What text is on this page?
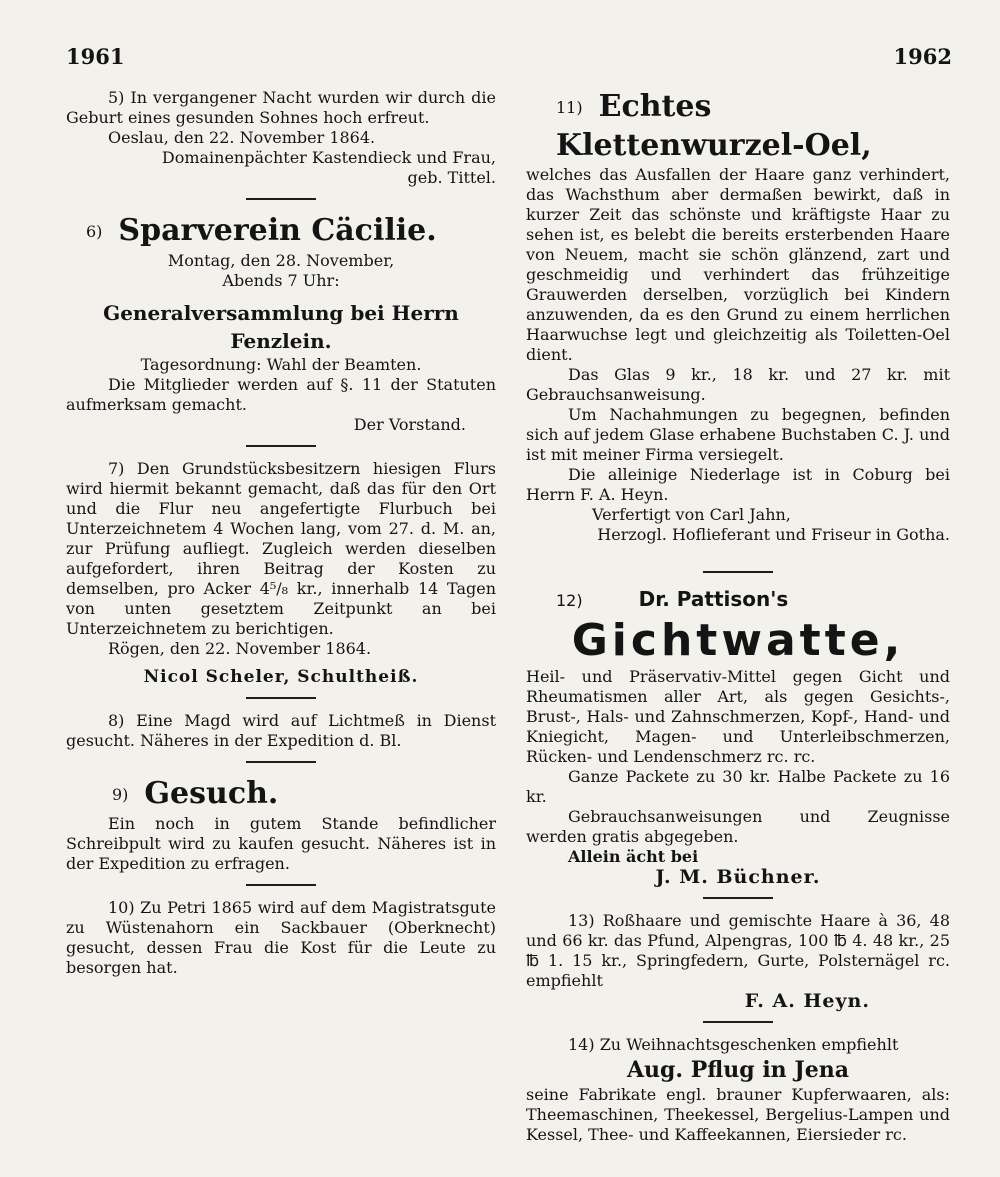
1961	1962

5) In vergangener Nacht wurden wir durch die Geburt eines gesunden Sohnes hoch erfreut.

Oeslau, den 22. November 1864.

Domainenpächter Kastendieck und Frau,

geb. Tittel.

6) Sparverein Cäcilie.

Montag, den 28. November,

Abends 7 Uhr:

Generalversammlung bei Herrn

Fenzlein.

Tagesordnung: Wahl der Beamten.

Die Mitglieder werden auf §. 11 der Statuten aufmerksam gemacht.

Der Vorstand.

7) Den Grundstücksbesitzern hiesigen Flurs wird hiermit bekannt gemacht, daß das für den Ort und die Flur neu angefertigte Flurbuch bei Unterzeichnetem 4 Wochen lang, vom 27. d. M. an, zur Prüfung aufliegt. Zugleich werden dieselben aufgefordert, ihren Beitrag der Kosten zu demselben, pro Acker 4⁵/₈ kr., innerhalb 14 Tagen von unten gesetztem Zeitpunkt an bei Unterzeichnetem zu berichtigen.

Rögen, den 22. November 1864.

Nicol Scheler, Schultheiß.

8) Eine Magd wird auf Lichtmeß in Dienst gesucht. Näheres in der Expedition d. Bl.

9) Gesuch.

Ein noch in gutem Stande befindlicher Schreibpult wird zu kaufen gesucht. Näheres ist in der Expedition zu erfragen.

10) Zu Petri 1865 wird auf dem Magistratsgute zu Wüstenahorn ein Sackbauer (Oberknecht) gesucht, dessen Frau die Kost für die Leute zu besorgen hat.

11) Echtes Klettenwurzel-Oel,

welches das Ausfallen der Haare ganz verhindert, das Wachsthum aber dermaßen bewirkt, daß in kurzer Zeit das schönste und kräftigste Haar zu sehen ist, es belebt die bereits ersterbenden Haare von Neuem, macht sie schön glänzend, zart und geschmeidig und verhindert das frühzeitige Grauwerden derselben, vorzüglich bei Kindern anzuwenden, da es den Grund zu einem herrlichen Haarwuchse legt und gleichzeitig als Toiletten-Oel dient.

Das Glas 9 kr., 18 kr. und 27 kr. mit Gebrauchsanweisung.

Um Nachahmungen zu begegnen, befinden sich auf jedem Glase erhabene Buchstaben C. J. und ist mit meiner Firma versiegelt.

Die alleinige Niederlage ist in Coburg bei Herrn F. A. Heyn.

Verfertigt von Carl Jahn,

Herzogl. Hoflieferant und Friseur in Gotha.

12)	Dr. Pattison's

Gichtwatte,

Heil- und Präservativ-Mittel gegen Gicht und Rheumatismen aller Art, als gegen Gesichts-, Brust-, Hals- und Zahnschmerzen, Kopf-, Hand- und Kniegicht, Magen- und Unterleibschmerzen, Rücken- und Lendenschmerz rc. rc.

Ganze Packete zu 30 kr. Halbe Packete zu 16 kr.

Gebrauchsanweisungen und Zeugnisse werden gratis abgegeben.

Allein ächt bei

J. M. Büchner.

13) Roßhaare und gemischte Haare à 36, 48 und 66 kr. das Pfund, Alpengras, 100 ℔ 4. 48 kr., 25 ℔ 1. 15 kr., Springfedern, Gurte, Polsternägel rc. empfiehlt

F. A. Heyn.

14) Zu Weihnachtsgeschenken empfiehlt

Aug. Pflug in Jena

seine Fabrikate engl. brauner Kupferwaaren, als: Theemaschinen, Theekessel, Bergelius-Lampen und Kessel, Thee- und Kaffeekannen, Eiersieder rc.
